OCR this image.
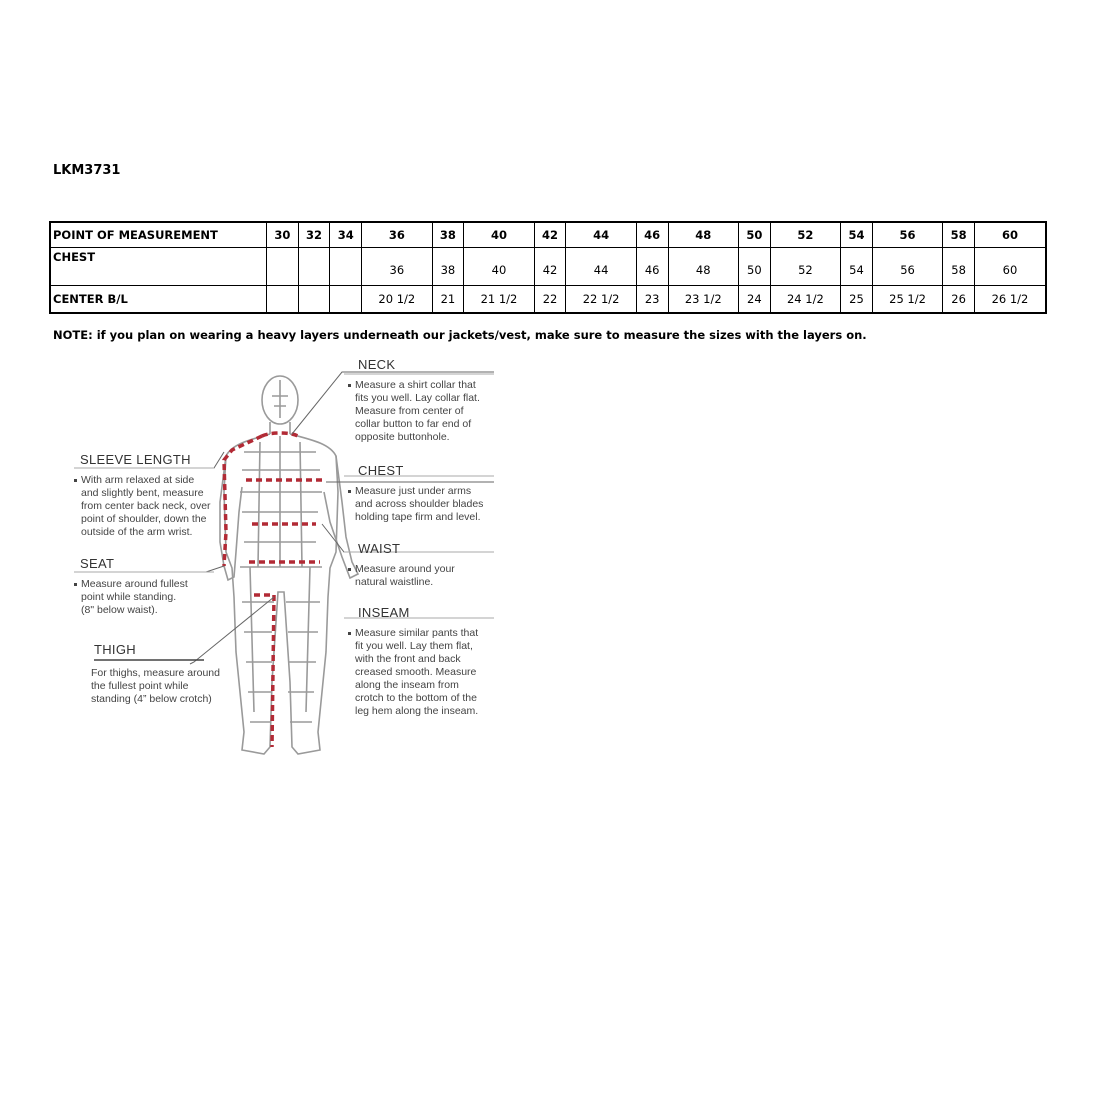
LKM3731
POINT OF MEASUREMENT	30	32	34	36	38	40	42	44	46	48	50	52	54	56	58	60
CHEST				36	38	40	42	44	46	48	50	52	54	56	58	60
CENTER B/L				20 1/2	21	21 1/2	22	22 1/2	23	23 1/2	24	24 1/2	25	25 1/2	26	26 1/2
NOTE: if you plan on wearing a heavy layers underneath our jackets/vest, make sure to measure the sizes with the layers on.
NECK
Measure a shirt collar that
fits you well. Lay collar flat.
Measure from center of
collar button to far end of
opposite buttonhole.
CHEST
Measure just under arms
and across shoulder blades
holding tape firm and level.
WAIST
Measure around your
natural waistline.
INSEAM
Measure similar pants that
fit you well. Lay them flat,
with the front and back
creased smooth. Measure
along the inseam from
crotch to the bottom of the
leg hem along the inseam.
SLEEVE LENGTH
With arm relaxed at side
and slightly bent, measure
from center back neck, over
point of shoulder, down the
outside of the arm wrist.
SEAT
Measure around fullest
point while standing.
(8" below waist).
THIGH
For thighs, measure around
the fullest point while
standing (4” below crotch)
